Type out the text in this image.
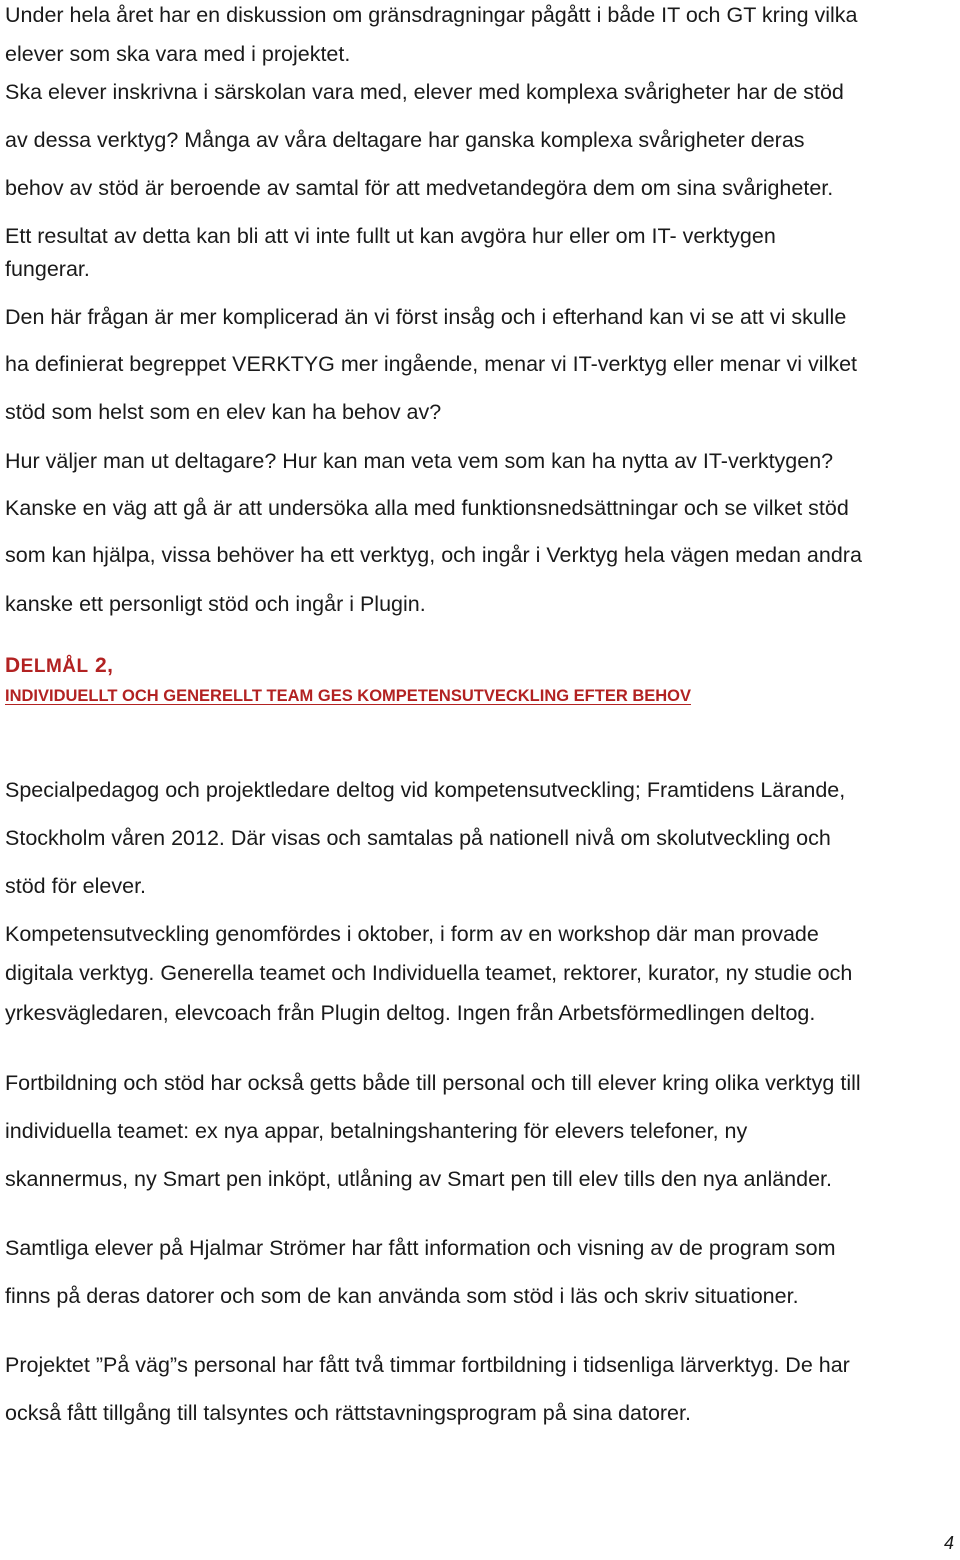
Under hela året har en diskussion om gränsdragningar pågått i både IT och GT kring vilka
elever som ska vara med i projektet.
Ska elever inskrivna i särskolan vara med, elever med komplexa svårigheter har de stöd
av dessa verktyg? Många av våra deltagare har ganska komplexa svårigheter deras
behov av stöd är beroende av samtal för att medvetandegöra dem om sina svårigheter.
Ett resultat av detta kan bli att vi inte fullt ut kan avgöra hur eller om IT- verktygen
fungerar.
Den här frågan är mer komplicerad än vi först insåg och i efterhand kan vi se att vi skulle
ha definierat begreppet VERKTYG mer ingående, menar vi IT-verktyg eller menar vi vilket
stöd som helst som en elev kan ha behov av?
Hur väljer man ut deltagare? Hur kan man veta vem som kan ha nytta av IT-verktygen?
Kanske en väg att gå är att undersöka alla med funktionsnedsättningar och se vilket stöd
som kan hjälpa, vissa behöver ha ett verktyg, och ingår i Verktyg hela vägen medan andra
kanske ett personligt stöd och ingår i Plugin.
DELMÅL 2,
INDIVIDUELLT OCH GENERELLT TEAM GES KOMPETENSUTVECKLING EFTER BEHOV
Specialpedagog och projektledare deltog vid kompetensutveckling; Framtidens Lärande,
Stockholm våren 2012. Där visas och samtalas på nationell nivå om skolutveckling och
stöd för elever.
Kompetensutveckling genomfördes i oktober, i form av en workshop där man provade
digitala verktyg. Generella teamet och Individuella teamet, rektorer, kurator, ny studie och
yrkesvägledaren, elevcoach från Plugin deltog. Ingen från Arbetsförmedlingen deltog.
Fortbildning och stöd har också getts både till personal och till elever kring olika verktyg till
individuella teamet: ex nya appar, betalningshantering för elevers telefoner, ny
skannermus, ny Smart pen inköpt, utlåning av Smart pen till elev tills den nya anländer.
Samtliga elever på Hjalmar Strömer har fått information och visning av de program som
finns på deras datorer och som de kan använda som stöd i läs och skriv situationer.
Projektet ”På väg”s personal har fått två timmar fortbildning i tidsenliga lärverktyg. De har
också fått tillgång till talsyntes och rättstavningsprogram på sina datorer.
4
